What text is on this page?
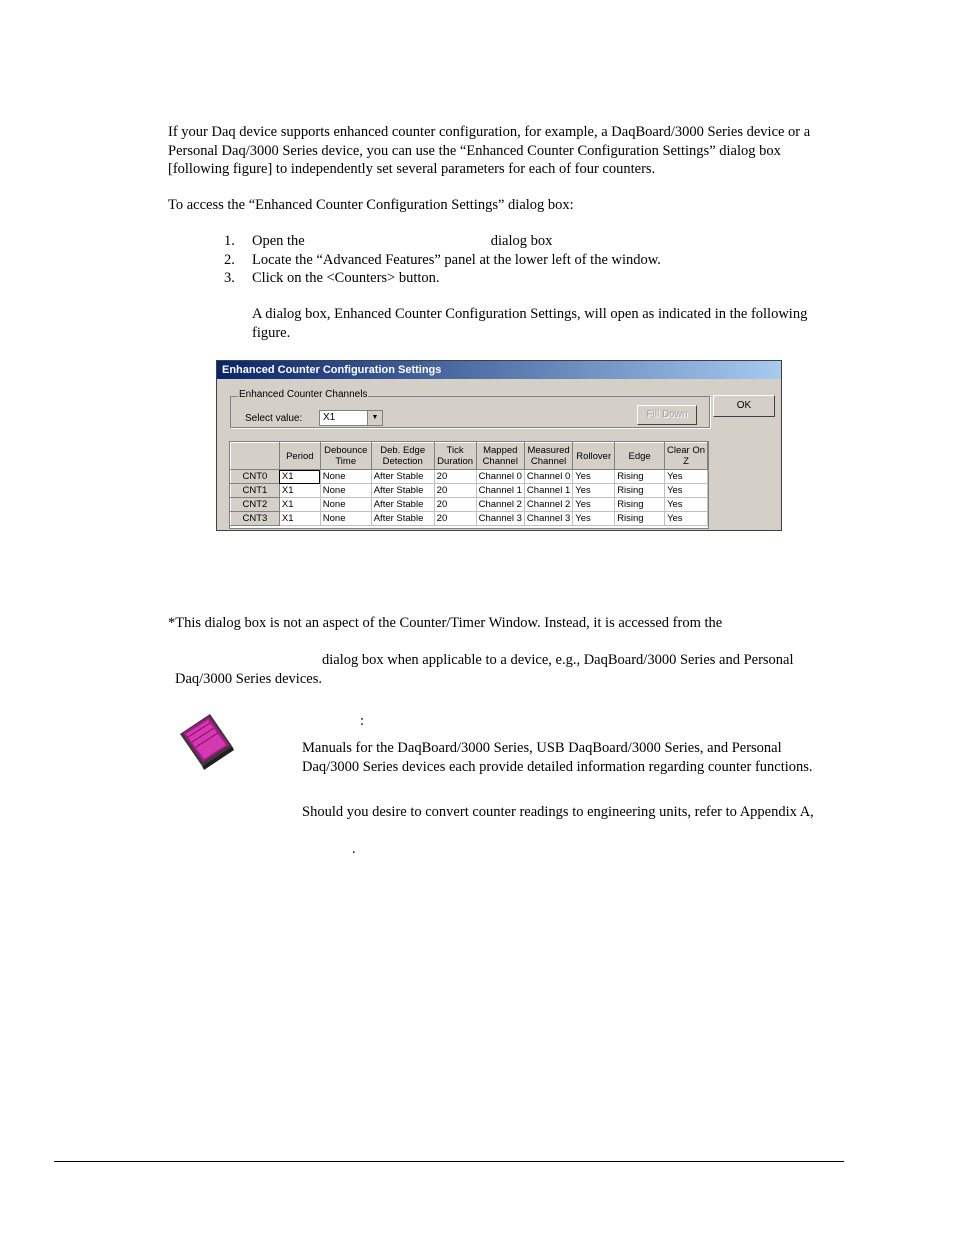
If your Daq device supports enhanced counter configuration, for example, a DaqBoard/3000 Series device or a Personal Daq/3000 Series device, you can use the “Enhanced Counter Configuration Settings” dialog box [following figure] to independently set several parameters for each of four counters.

To access the “Enhanced Counter Configuration Settings” dialog box:

1. Open the	dialog box
2. Locate the “Advanced Features” panel at the lower left of the window.
3. Click on the <Counters> button.

A dialog box, Enhanced Counter Configuration Settings, will open as indicated in the following figure.

Enhanced Counter Configuration Settings
Enhanced Counter Channels
Select value: X1	▼	Fill Down
OK
	Period	Debounce Time	Deb. Edge Detection	Tick Duration	Mapped Channel	Measured Channel	Rollover	Edge	Clear On Z
CNT0	X1	None	After Stable	20	Channel 0	Channel 0	Yes	Rising	Yes
CNT1	X1	None	After Stable	20	Channel 1	Channel 1	Yes	Rising	Yes
CNT2	X1	None	After Stable	20	Channel 2	Channel 2	Yes	Rising	Yes
CNT3	X1	None	After Stable	20	Channel 3	Channel 3	Yes	Rising	Yes

*This dialog box is not an aspect of the Counter/Timer Window. Instead, it is accessed from the

dialog box when applicable to a device, e.g., DaqBoard/3000 Series and Personal
Daq/3000 Series devices.

:

Manuals for the DaqBoard/3000 Series, USB DaqBoard/3000 Series, and Personal Daq/3000 Series devices each provide detailed information regarding counter functions.

Should you desire to convert counter readings to engineering units, refer to Appendix A,

.
